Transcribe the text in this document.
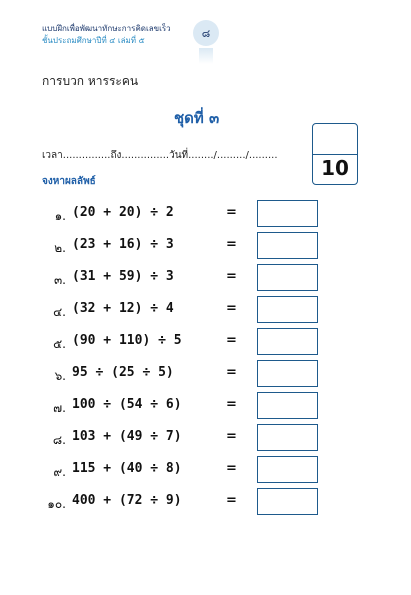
แบบฝึกเพื่อพัฒนาทักษะการคิดเลขเร็ว
ชั้นประถมศึกษาปีที่ ๔ เล่มที่ ๕
๘
การบวก หารระคน
ชุดที่ ๓
เวลา...............ถึง...............วันที่......../........./.........
จงหาผลลัพธ์
10
๑. (20 + 20) ÷ 2	=
๒. (23 + 16) ÷ 3	=
๓. (31 + 59) ÷ 3	=
๔. (32 + 12) ÷ 4	=
๕. (90 + 110) ÷ 5	=
๖. 95 ÷ (25 ÷ 5)	=
๗. 100 ÷ (54 ÷ 6)	=
๘. 103 + (49 ÷ 7)	=
๙. 115 + (40 ÷ 8)	=
๑๐. 400 + (72 ÷ 9)	=
